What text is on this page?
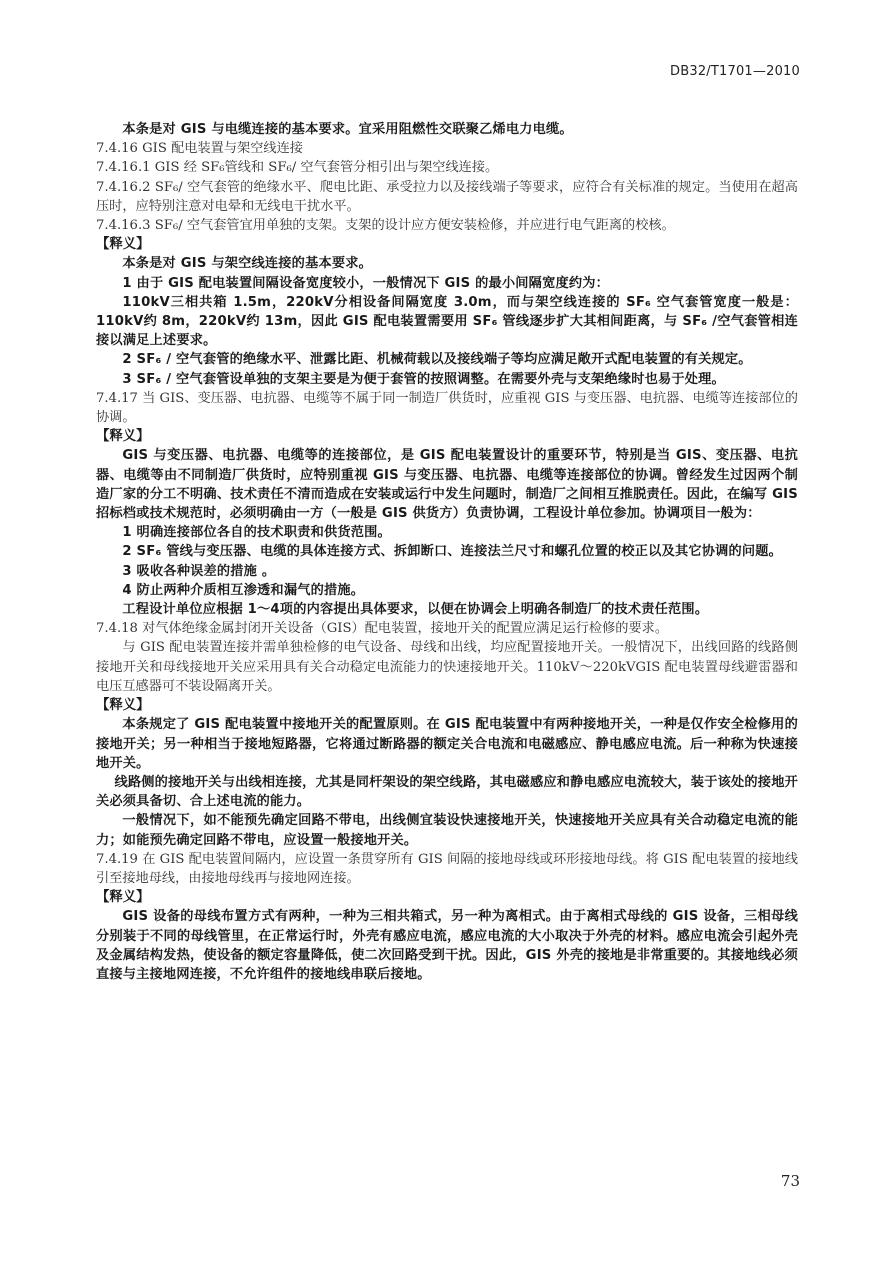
DB32/T1701—2010

本条是对 GIS 与电缆连接的基本要求。宜采用阻燃性交联聚乙烯电力电缆。

7.4.16 GIS 配电装置与架空线连接

7.4.16.1 GIS 经 SF₆管线和 SF₆/ 空气套管分相引出与架空线连接。

7.4.16.2 SF₆/ 空气套管的绝缘水平、爬电比距、承受拉力以及接线端子等要求，应符合有关标准的规定。当使用在超高压时，应特别注意对电晕和无线电干扰水平。

7.4.16.3 SF₆/ 空气套管宜用单独的支架。支架的设计应方便安装检修，并应进行电气距离的校核。

【释义】

本条是对 GIS 与架空线连接的基本要求。

1 由于 GIS 配电装置间隔设备宽度较小，一般情况下 GIS 的最小间隔宽度约为：

110kV三相共箱 1.5m，220kV分相设备间隔宽度 3.0m，而与架空线连接的 SF₆ 空气套管宽度一般是：110kV约 8m，220kV约 13m，因此 GIS 配电装置需要用 SF₆ 管线逐步扩大其相间距离，与 SF₆ /空气套管相连接以满足上述要求。

2 SF₆ / 空气套管的绝缘水平、泄露比距、机械荷载以及接线端子等均应满足敞开式配电装置的有关规定。

3 SF₆ / 空气套管设单独的支架主要是为便于套管的按照调整。在需要外壳与支架绝缘时也易于处理。

7.4.17 当 GIS、变压器、电抗器、电缆等不属于同一制造厂供货时，应重视 GIS 与变压器、电抗器、电缆等连接部位的协调。

【释义】

GIS 与变压器、电抗器、电缆等的连接部位，是 GIS 配电装置设计的重要环节，特别是当 GIS、变压器、电抗器、电缆等由不同制造厂供货时，应特别重视 GIS 与变压器、电抗器、电缆等连接部位的协调。曾经发生过因两个制造厂家的分工不明确、技术责任不清而造成在安装或运行中发生问题时，制造厂之间相互推脱责任。因此，在编写 GIS 招标档或技术规范时，必须明确由一方（一般是 GIS 供货方）负责协调，工程设计单位参加。协调项目一般为：

1 明确连接部位各自的技术职责和供货范围。

2 SF₆ 管线与变压器、电缆的具体连接方式、拆卸断口、连接法兰尺寸和螺孔位置的校正以及其它协调的问题。

3 吸收各种误差的措施 。

4 防止两种介质相互渗透和漏气的措施。

工程设计单位应根据 1～4项的内容提出具体要求，以便在协调会上明确各制造厂的技术责任范围。

7.4.18 对气体绝缘金属封闭开关设备（GIS）配电装置，接地开关的配置应满足运行检修的要求。

与 GIS 配电装置连接并需单独检修的电气设备、母线和出线，均应配置接地开关。一般情况下，出线回路的线路侧接地开关和母线接地开关应采用具有关合动稳定电流能力的快速接地开关。110kV～220kVGIS 配电装置母线避雷器和电压互感器可不装设隔离开关。

【释义】

本条规定了 GIS 配电装置中接地开关的配置原则。在 GIS 配电装置中有两种接地开关，一种是仅作安全检修用的接地开关；另一种相当于接地短路器，它将通过断路器的额定关合电流和电磁感应、静电感应电流。后一种称为快速接地开关。

线路侧的接地开关与出线相连接，尤其是同杆架设的架空线路，其电磁感应和静电感应电流较大，装于该处的接地开关必须具备切、合上述电流的能力。

一般情况下，如不能预先确定回路不带电，出线侧宜装设快速接地开关，快速接地开关应具有关合动稳定电流的能力；如能预先确定回路不带电，应设置一般接地开关。

7.4.19 在 GIS 配电装置间隔内，应设置一条贯穿所有 GIS 间隔的接地母线或环形接地母线。将 GIS 配电装置的接地线引至接地母线，由接地母线再与接地网连接。

【释义】

GIS 设备的母线布置方式有两种，一种为三相共箱式，另一种为离相式。由于离相式母线的 GIS 设备，三相母线分别装于不同的母线管里，在正常运行时，外壳有感应电流，感应电流的大小取决于外壳的材料。感应电流会引起外壳及金属结构发热，使设备的额定容量降低，使二次回路受到干扰。因此，GIS 外壳的接地是非常重要的。其接地线必须直接与主接地网连接，不允许组件的接地线串联后接地。

73
